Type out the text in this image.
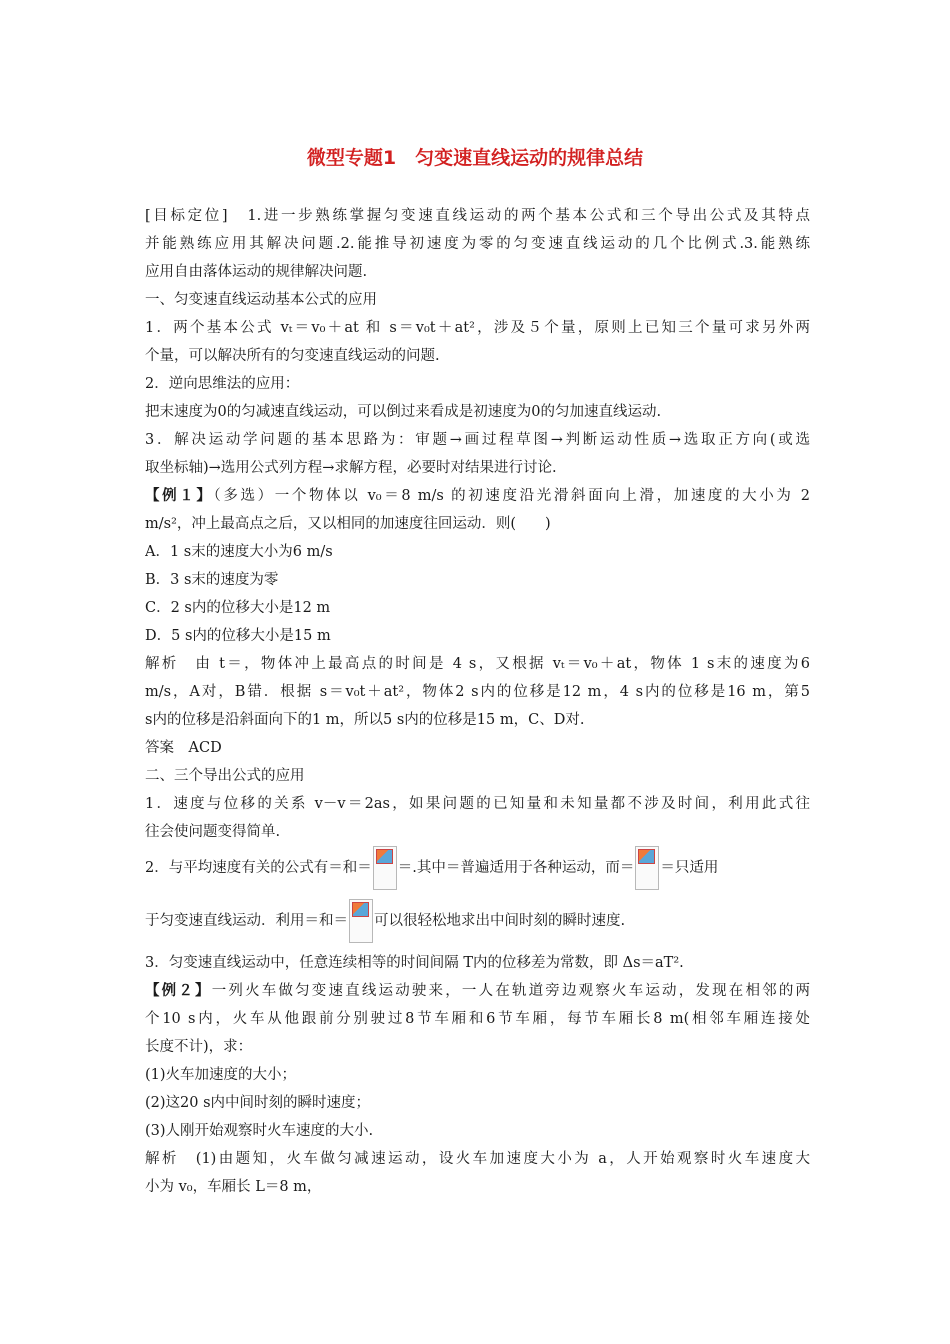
微型专题1　匀变速直线运动的规律总结
[目标定位]　1.进一步熟练掌握匀变速直线运动的两个基本公式和三个导出公式及其特点
并能熟练应用其解决问题.2.能推导初速度为零的匀变速直线运动的几个比例式.3.能熟练
应用自由落体运动的规律解决问题.
一、匀变速直线运动基本公式的应用
1．两个基本公式 vₜ＝v₀＋at 和 s＝v₀t＋at²，涉及５个量，原则上已知三个量可求另外两
个量，可以解决所有的匀变速直线运动的问题.
2．逆向思维法的应用：
把末速度为0的匀减速直线运动，可以倒过来看成是初速度为0的匀加速直线运动.
3．解决运动学问题的基本思路为：审题→画过程草图→判断运动性质→选取正方向(或选
取坐标轴)→选用公式列方程→求解方程，必要时对结果进行讨论.
【例１】（多选）一个物体以 v₀＝8 m/s 的初速度沿光滑斜面向上滑，加速度的大小为 2
m/s²，冲上最高点之后，又以相同的加速度往回运动．则(　　)
A．1 s末的速度大小为6 m/s
B．3 s末的速度为零
C．2 s内的位移大小是12 m
D．5 s内的位移大小是15 m
解析　由 t＝，物体冲上最高点的时间是 4 s，又根据 vₜ＝v₀＋at，物体 1 s末的速度为6
m/s，A对，B错．根据 s＝v₀t＋at²，物体2 s内的位移是12 m，4 s内的位移是16 m，第5
s内的位移是沿斜面向下的1 m，所以5 s内的位移是15 m，C、D对.
答案　ACD
二、三个导出公式的应用
1．速度与位移的关系 v－v＝2as，如果问题的已知量和未知量都不涉及时间，利用此式往
往会使问题变得简单.
2．与平均速度有关的公式有＝和＝ ＝.其中＝普遍适用于各种运动，而＝ ＝只适用
于匀变速直线运动．利用＝和＝ 可以很轻松地求出中间时刻的瞬时速度.
3．匀变速直线运动中，任意连续相等的时间间隔 T内的位移差为常数，即 Δs＝aT².
【例２】一列火车做匀变速直线运动驶来，一人在轨道旁边观察火车运动，发现在相邻的两
个10 s内，火车从他跟前分别驶过8节车厢和6节车厢，每节车厢长8 m(相邻车厢连接处
长度不计)，求：
(1)火车加速度的大小；
(2)这20 s内中间时刻的瞬时速度；
(3)人刚开始观察时火车速度的大小.
解析　(1)由题知，火车做匀减速运动，设火车加速度大小为 a，人开始观察时火车速度大
小为 v₀，车厢长 L＝8 m，
